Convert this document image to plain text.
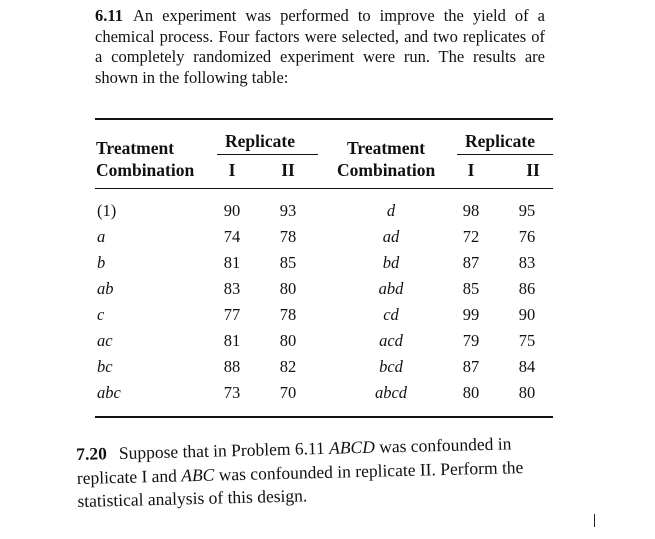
6.11 An experiment was performed to improve the yield of a chemical process. Four factors were selected, and two replicates of a completely randomized experiment were run. The results are shown in the following table:
Treatment
Combination
Replicate
I	II
Treatment
Combination
Replicate
I	II
(1)	90 93	d	98 95
a	74 78	ad	72 76
b	81 85	bd	87 83
ab	83 80	abd	85 86
c	77 78	cd	99 90
ac	81 80	acd	79 75
bc	88 82	bcd	87 84
abc	73 70	abcd	80 80
7.20 Suppose that in Problem 6.11 ABCD was confounded in replicate I and ABC was confounded in replicate II. Perform the statistical analysis of this design.
